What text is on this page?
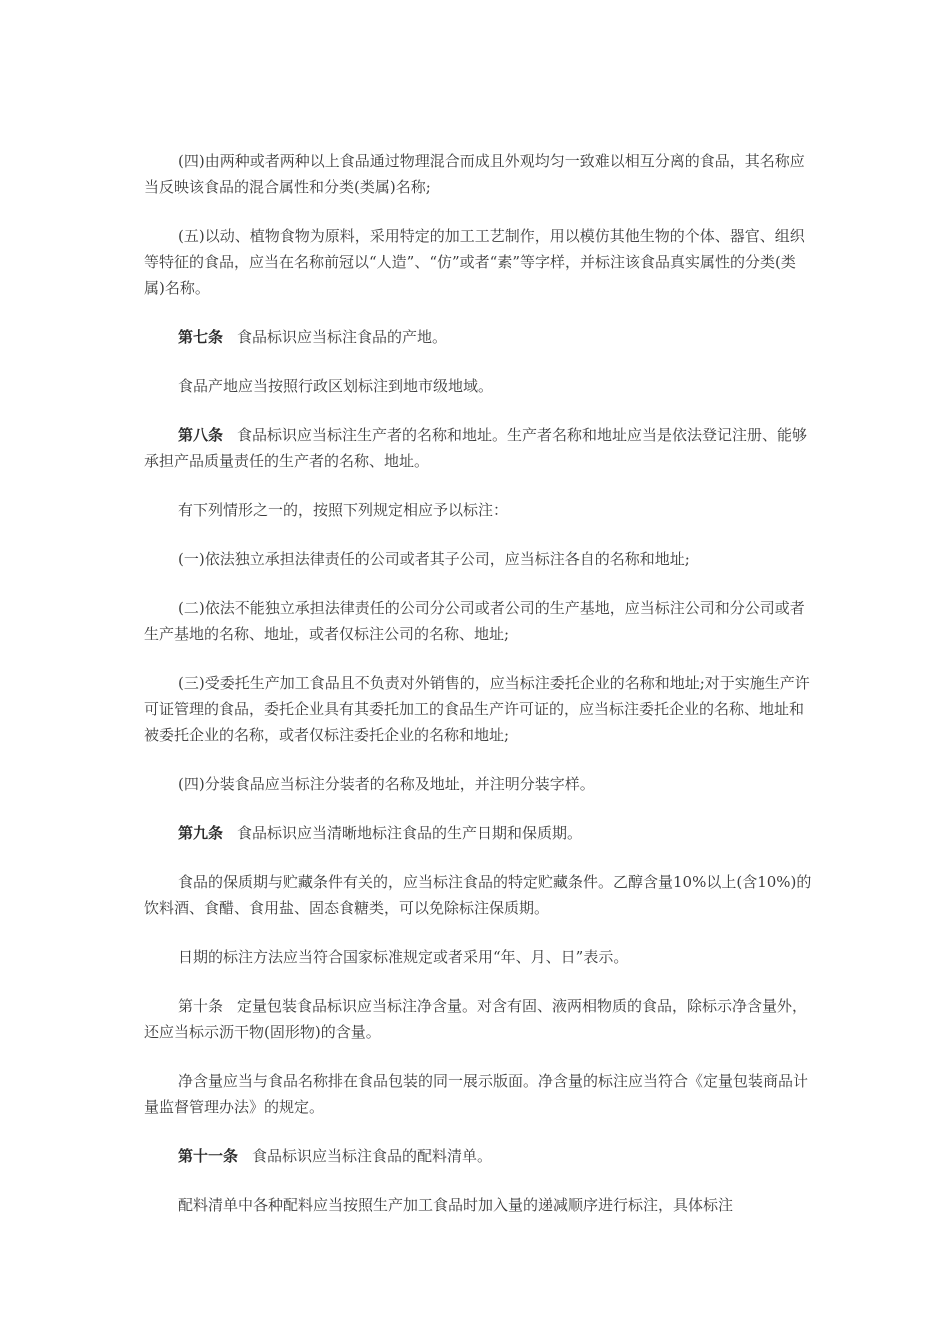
(四)由两种或者两种以上食品通过物理混合而成且外观均匀一致难以相互分离的食品，其名称应当反映该食品的混合属性和分类(类属)名称;

(五)以动、植物食物为原料，采用特定的加工工艺制作，用以模仿其他生物的个体、器官、组织等特征的食品，应当在名称前冠以“人造”、“仿”或者“素”等字样，并标注该食品真实属性的分类(类属)名称。

第七条 食品标识应当标注食品的产地。

食品产地应当按照行政区划标注到地市级地域。

第八条 食品标识应当标注生产者的名称和地址。生产者名称和地址应当是依法登记注册、能够承担产品质量责任的生产者的名称、地址。

有下列情形之一的，按照下列规定相应予以标注：

(一)依法独立承担法律责任的公司或者其子公司，应当标注各自的名称和地址;

(二)依法不能独立承担法律责任的公司分公司或者公司的生产基地，应当标注公司和分公司或者生产基地的名称、地址，或者仅标注公司的名称、地址;

(三)受委托生产加工食品且不负责对外销售的，应当标注委托企业的名称和地址;对于实施生产许可证管理的食品，委托企业具有其委托加工的食品生产许可证的，应当标注委托企业的名称、地址和被委托企业的名称，或者仅标注委托企业的名称和地址;

(四)分装食品应当标注分装者的名称及地址，并注明分装字样。

第九条 食品标识应当清晰地标注食品的生产日期和保质期。

食品的保质期与贮藏条件有关的，应当标注食品的特定贮藏条件。乙醇含量10%以上(含10%)的饮料酒、食醋、食用盐、固态食糖类，可以免除标注保质期。

日期的标注方法应当符合国家标准规定或者采用“年、月、日”表示。

第十条 定量包装食品标识应当标注净含量。对含有固、液两相物质的食品，除标示净含量外，还应当标示沥干物(固形物)的含量。

净含量应当与食品名称排在食品包装的同一展示版面。净含量的标注应当符合《定量包装商品计量监督管理办法》的规定。

第十一条 食品标识应当标注食品的配料清单。

配料清单中各种配料应当按照生产加工食品时加入量的递减顺序进行标注，具体标注
